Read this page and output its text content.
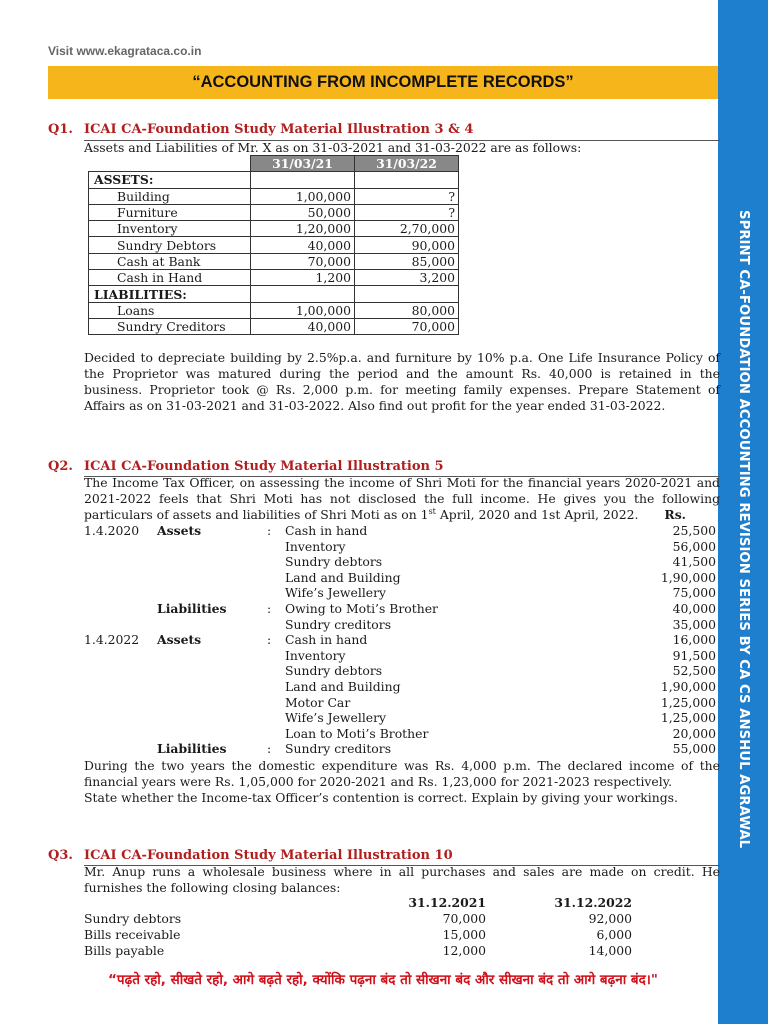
SPRINT CA-FOUNDATION ACCOUNTING REVISION SERIES BY CA CS ANSHUL AGRAWAL
Visit www.ekagrataca.co.in
“ACCOUNTING FROM INCOMPLETE RECORDS”
Q1. ICAI CA-Foundation Study Material Illustration 3 & 4
Assets and Liabilities of Mr. X as on 31-03-2021 and 31-03-2022 are as follows:
	31/03/21	31/03/22
ASSETS:		
Building	1,00,000	?
Furniture	50,000	?
Inventory	1,20,000	2,70,000
Sundry Debtors	40,000	90,000
Cash at Bank	70,000	85,000
Cash in Hand	1,200	3,200
LIABILITIES:		
Loans	1,00,000	80,000
Sundry Creditors	40,000	70,000
Decided to depreciate building by 2.5%p.a. and furniture by 10% p.a. One Life Insurance Policy of the Proprietor was matured during the period and the amount Rs. 40,000 is retained in the business. Proprietor took @ Rs. 2,000 p.m. for meeting family expenses. Prepare Statement of Affairs as on 31-03-2021 and 31-03-2022. Also find out profit for the year ended 31-03-2022.
Q2. ICAI CA-Foundation Study Material Illustration 5
The Income Tax Officer, on assessing the income of Shri Moti for the financial years 2020-2021 and 2021-2022 feels that Shri Moti has not disclosed the full income. He gives you the following particulars of assets and liabilities of Shri Moti as on 1st April, 2020 and 1st April, 2022. Rs.
1.4.2020 Assets	: Cash in hand	25,500
Inventory	56,000
Sundry debtors	41,500
Land and Building	1,90,000
Wife’s Jewellery	75,000
Liabilities	: Owing to Moti’s Brother	40,000
Sundry creditors	35,000
1.4.2022 Assets	: Cash in hand	16,000
Inventory	91,500
Sundry debtors	52,500
Land and Building	1,90,000
Motor Car	1,25,000
Wife’s Jewellery	1,25,000
Loan to Moti’s Brother	20,000
Liabilities	: Sundry creditors	55,000
During the two years the domestic expenditure was Rs. 4,000 p.m. The declared income of the financial years were Rs. 1,05,000 for 2020-2021 and Rs. 1,23,000 for 2021-2023 respectively.
State whether the Income-tax Officer’s contention is correct. Explain by giving your workings.
Q3. ICAI CA-Foundation Study Material Illustration 10
Mr. Anup runs a wholesale business where in all purchases and sales are made on credit. He furnishes the following closing balances:
31.12.2021	31.12.2022
Sundry debtors	70,000	92,000
Bills receivable	15,000	6,000
Bills payable	12,000	14,000
“पढ़ते रहो, सीखते रहो, आगे बढ़ते रहो, क्योंकि पढ़ना बंद तो सीखना बंद और सीखना बंद तो आगे बढ़ना बंद।"
